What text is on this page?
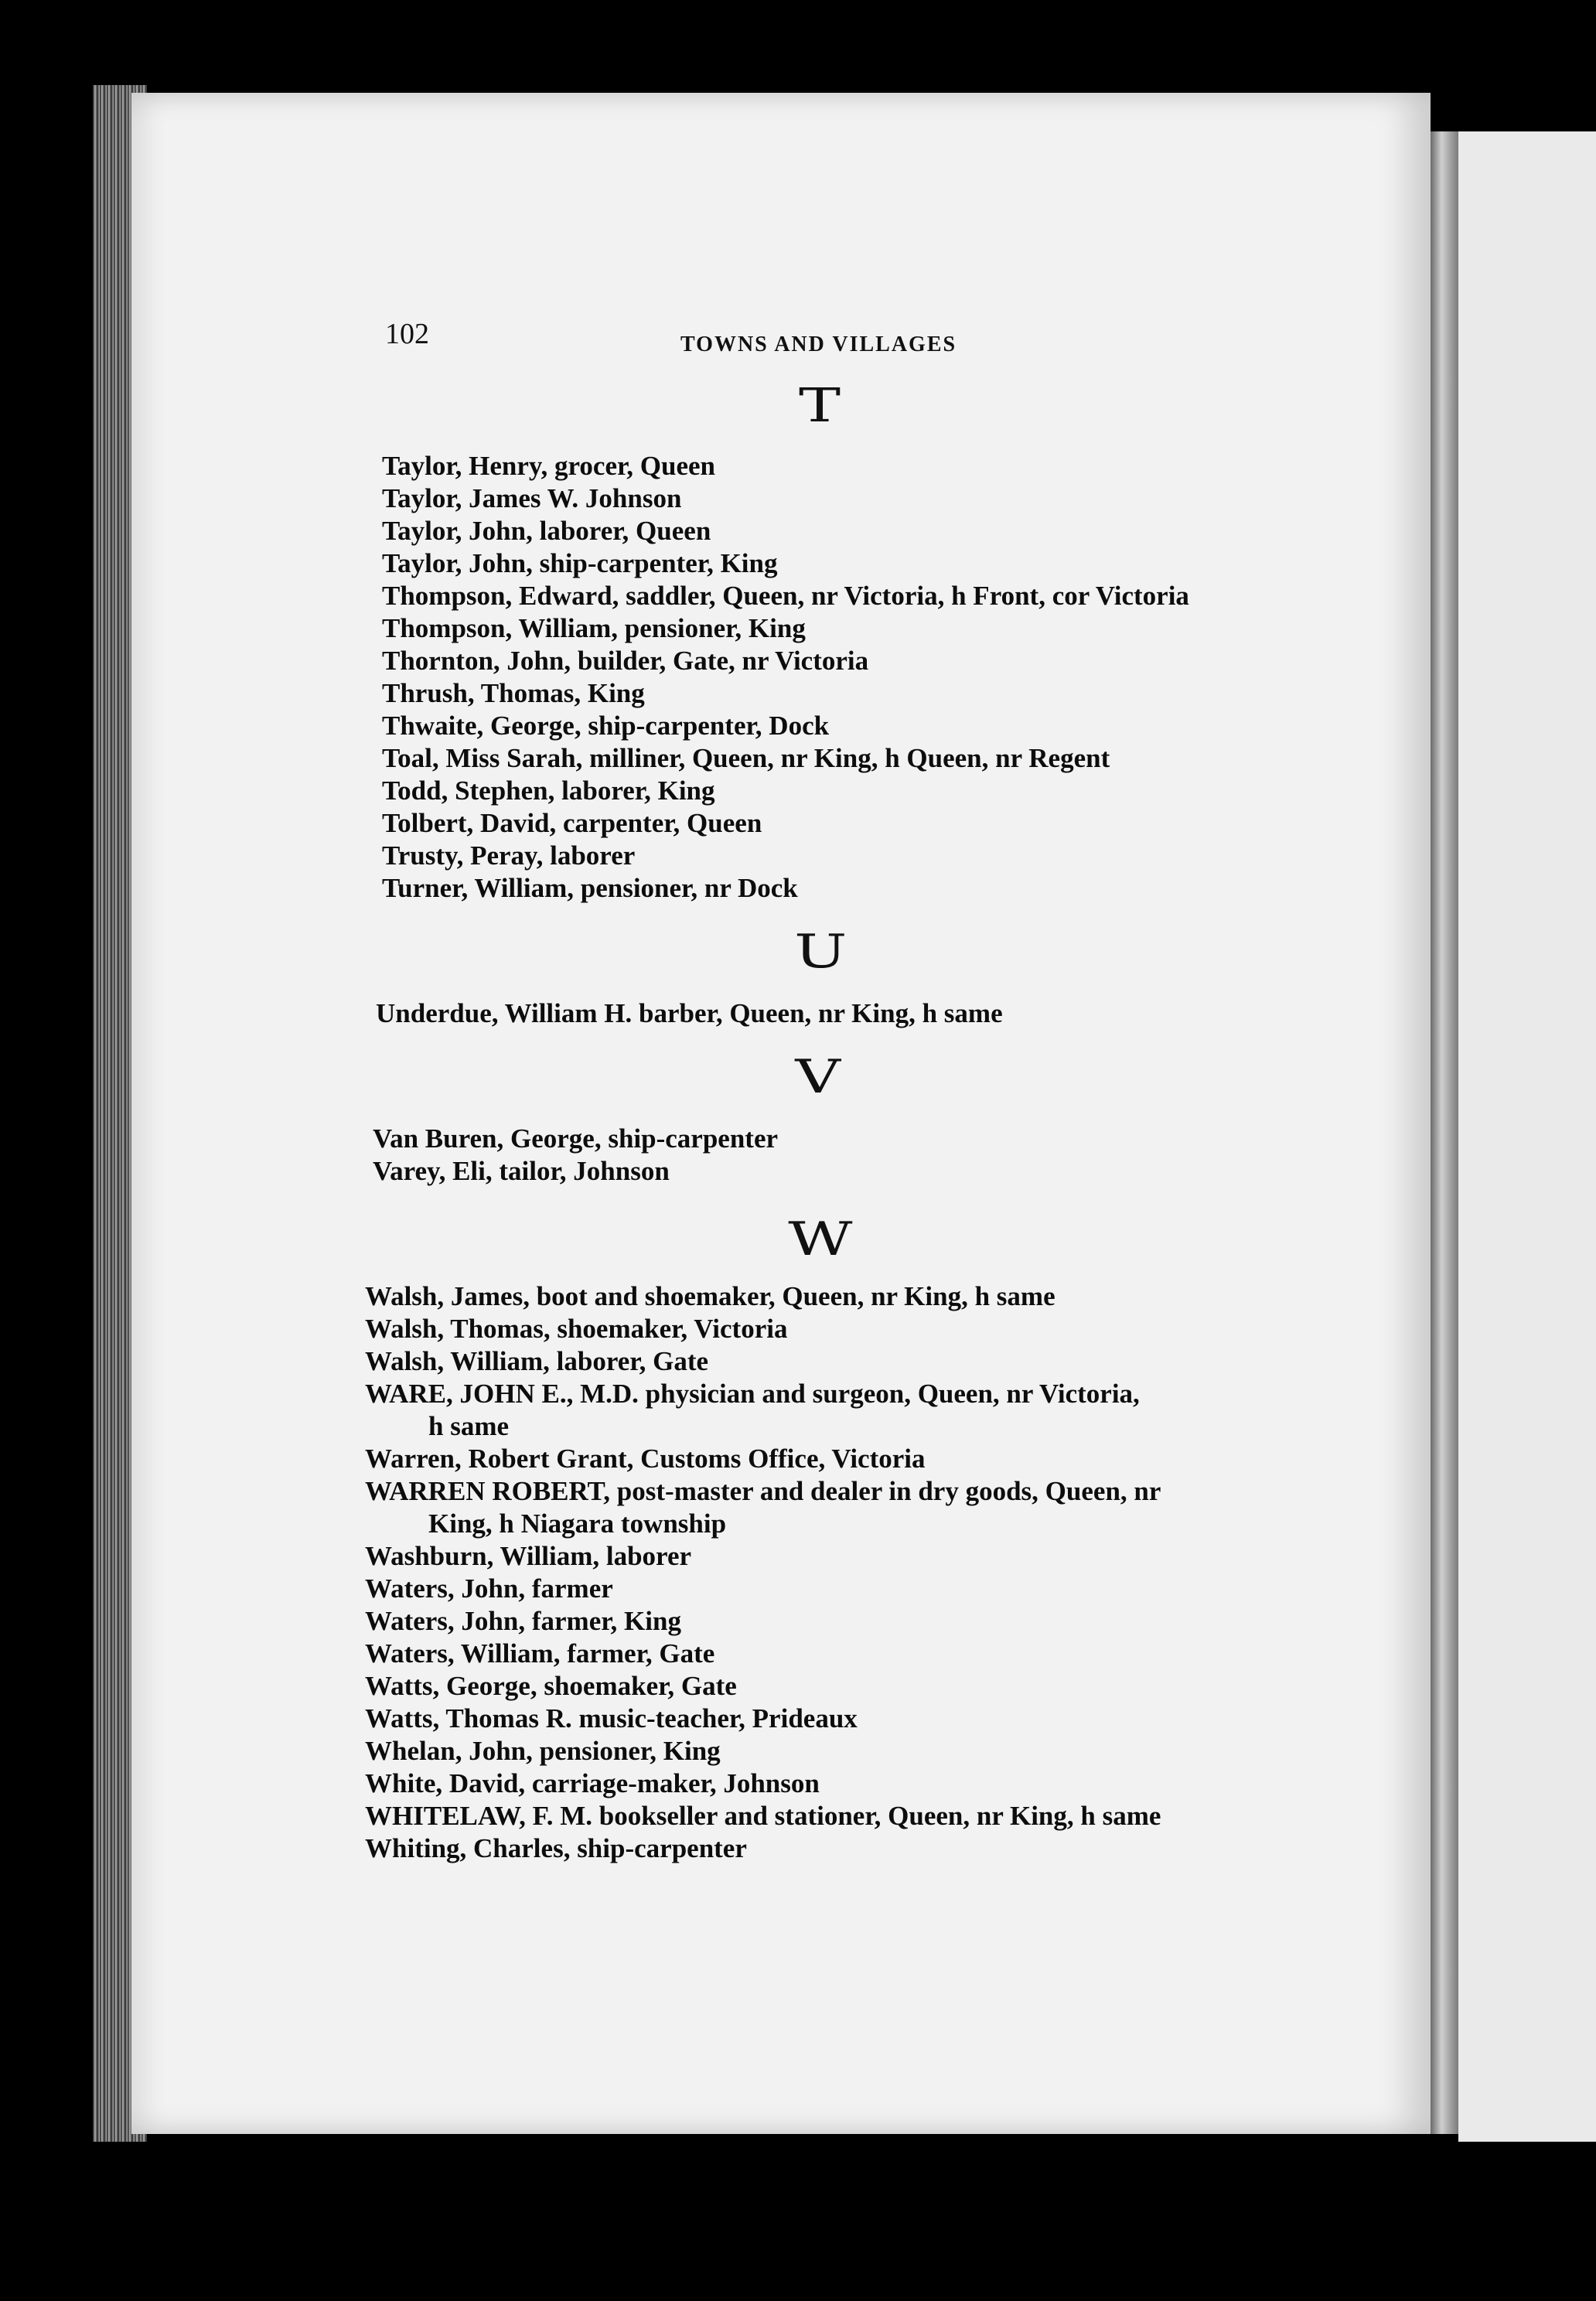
102	TOWNS AND VILLAGES
T
Taylor, Henry, grocer, Queen
Taylor, James W. Johnson
Taylor, John, laborer, Queen
Taylor, John, ship-carpenter, King
Thompson, Edward, saddler, Queen, nr Victoria, h Front, cor Victoria
Thompson, William, pensioner, King
Thornton, John, builder, Gate, nr Victoria
Thrush, Thomas, King
Thwaite, George, ship-carpenter, Dock
Toal, Miss Sarah, milliner, Queen, nr King, h Queen, nr Regent
Todd, Stephen, laborer, King
Tolbert, David, carpenter, Queen
Trusty, Peray, laborer
Turner, William, pensioner, nr Dock
U
Underdue, William H. barber, Queen, nr King, h same
V
Van Buren, George, ship-carpenter
Varey, Eli, tailor, Johnson
W
Walsh, James, boot and shoemaker, Queen, nr King, h same
Walsh, Thomas, shoemaker, Victoria
Walsh, William, laborer, Gate
WARE, JOHN E., M.D. physician and surgeon, Queen, nr Victoria,
h same
Warren, Robert Grant, Customs Office, Victoria
WARREN ROBERT, post-master and dealer in dry goods, Queen, nr
King, h Niagara township
Washburn, William, laborer
Waters, John, farmer
Waters, John, farmer, King
Waters, William, farmer, Gate
Watts, George, shoemaker, Gate
Watts, Thomas R. music-teacher, Prideaux
Whelan, John, pensioner, King
White, David, carriage-maker, Johnson
WHITELAW, F. M. bookseller and stationer, Queen, nr King, h same
Whiting, Charles, ship-carpenter
